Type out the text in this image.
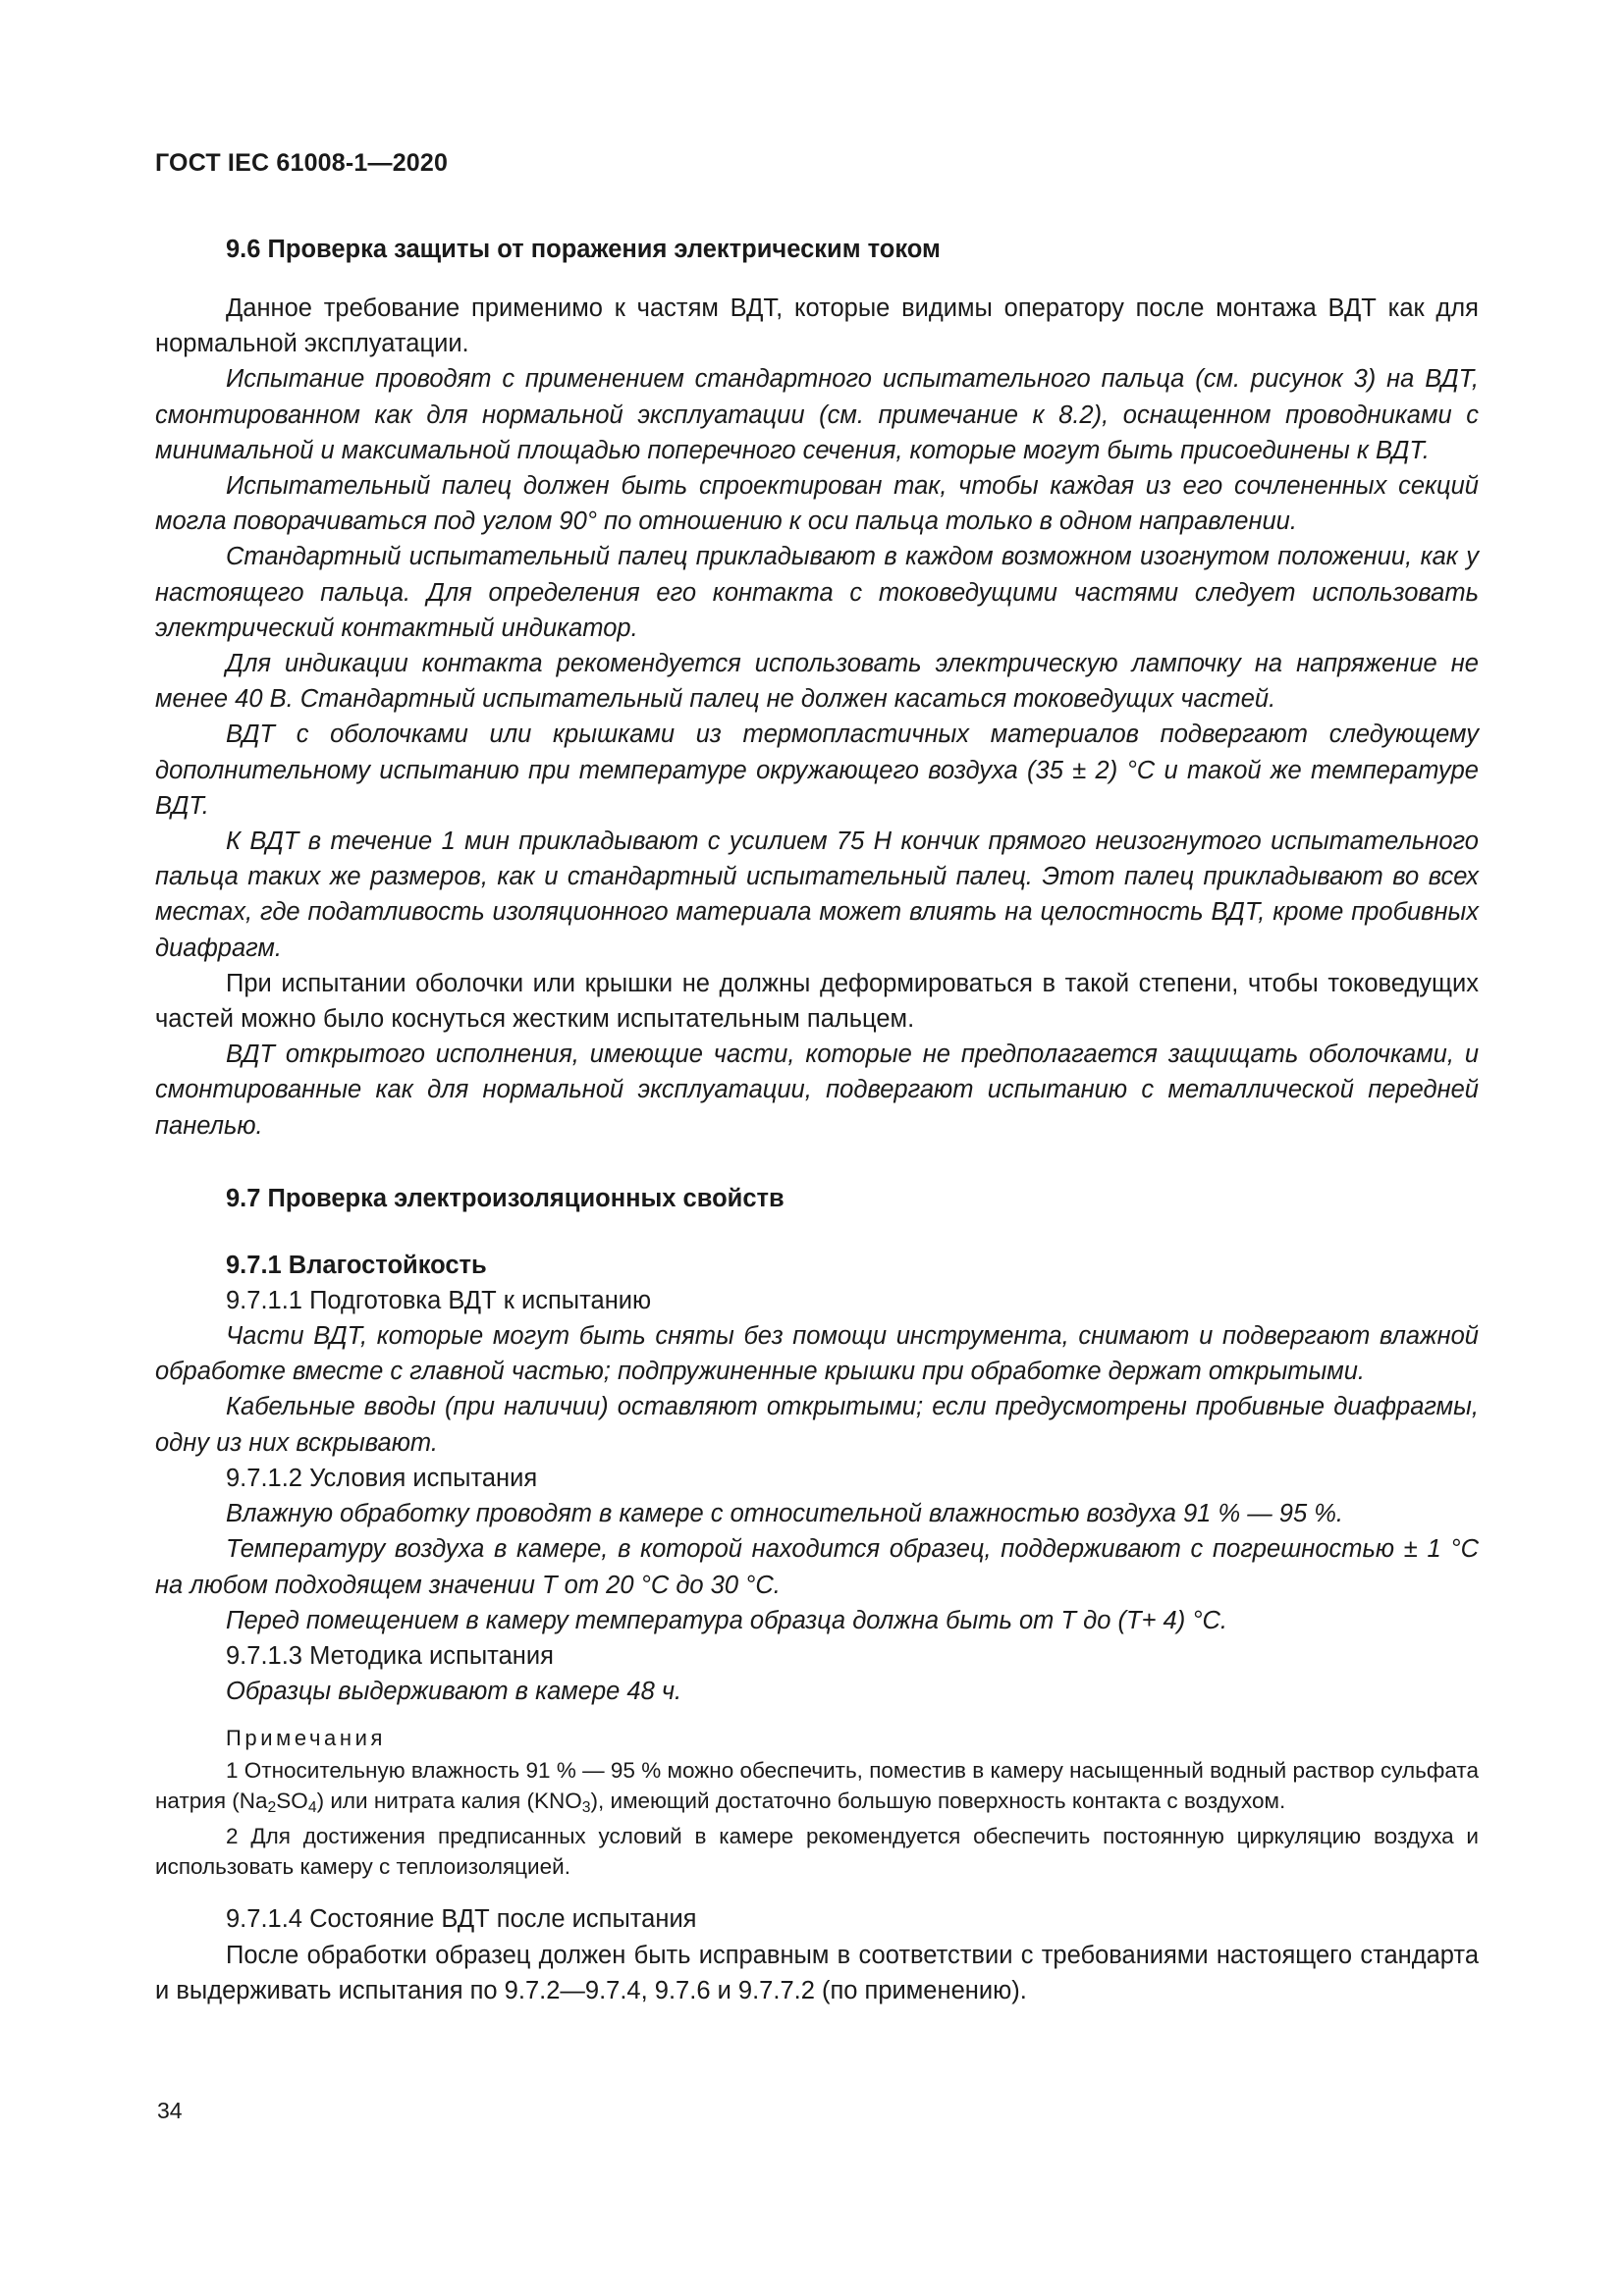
ГОСТ IEC 61008-1—2020
9.6 Проверка защиты от поражения электрическим током

Данное требование применимо к частям ВДТ, которые видимы оператору после монтажа ВДТ как для нормальной эксплуатации.

Испытание проводят с применением стандартного испытательного пальца (см. рисунок 3) на ВДТ, смонтированном как для нормальной эксплуатации (см. примечание к 8.2), оснащенном проводниками с минимальной и максимальной площадью поперечного сечения, которые могут быть присоединены к ВДТ.

Испытательный палец должен быть спроектирован так, чтобы каждая из его сочлененных секций могла поворачиваться под углом 90° по отношению к оси пальца только в одном направлении.

Стандартный испытательный палец прикладывают в каждом возможном изогнутом положении, как у настоящего пальца. Для определения его контакта с токоведущими частями следует использовать электрический контактный индикатор.

Для индикации контакта рекомендуется использовать электрическую лампочку на напряжение не менее 40 В. Стандартный испытательный палец не должен касаться токоведущих частей.

ВДТ с оболочками или крышками из термопластичных материалов подвергают следующему дополнительному испытанию при температуре окружающего воздуха (35 ± 2) °С и такой же температуре ВДТ.

К ВДТ в течение 1 мин прикладывают с усилием 75 Н кончик прямого неизогнутого испытательного пальца таких же размеров, как и стандартный испытательный палец. Этот палец прикладывают во всех местах, где податливость изоляционного материала может влиять на целостность ВДТ, кроме пробивных диафрагм.

При испытании оболочки или крышки не должны деформироваться в такой степени, чтобы токоведущих частей можно было коснуться жестким испытательным пальцем.

ВДТ открытого исполнения, имеющие части, которые не предполагается защищать оболочками, и смонтированные как для нормальной эксплуатации, подвергают испытанию с металлической передней панелью.

9.7 Проверка электроизоляционных свойств
9.7.1 Влагостойкость

9.7.1.1 Подготовка ВДТ к испытанию

Части ВДТ, которые могут быть сняты без помощи инструмента, снимают и подвергают влажной обработке вместе с главной частью; подпружиненные крышки при обработке держат открытыми.

Кабельные вводы (при наличии) оставляют открытыми; если предусмотрены пробивные диафрагмы, одну из них вскрывают.

9.7.1.2 Условия испытания

Влажную обработку проводят в камере с относительной влажностью воздуха 91 % — 95 %.

Температуру воздуха в камере, в которой находится образец, поддерживают с погрешностью ± 1 °С на любом подходящем значении Т от 20 °С до 30 °С.

Перед помещением в камеру температура образца должна быть от Т до (Т+ 4) °С.

9.7.1.3 Методика испытания

Образцы выдерживают в камере 48 ч.

Примечания

1 Относительную влажность 91 % — 95 % можно обеспечить, поместив в камеру насыщенный водный раствор сульфата натрия $(Na_2SO_4)$ или нитрата калия $(KNO_3)$, имеющий достаточно большую поверхность контакта с воздухом.

2 Для достижения предписанных условий в камере рекомендуется обеспечить постоянную циркуляцию воздуха и использовать камеру с теплоизоляцией.

9.7.1.4 Состояние ВДТ после испытания

После обработки образец должен быть исправным в соответствии с требованиями настоящего стандарта и выдерживать испытания по 9.7.2—9.7.4, 9.7.6 и 9.7.7.2 (по применению).

34
